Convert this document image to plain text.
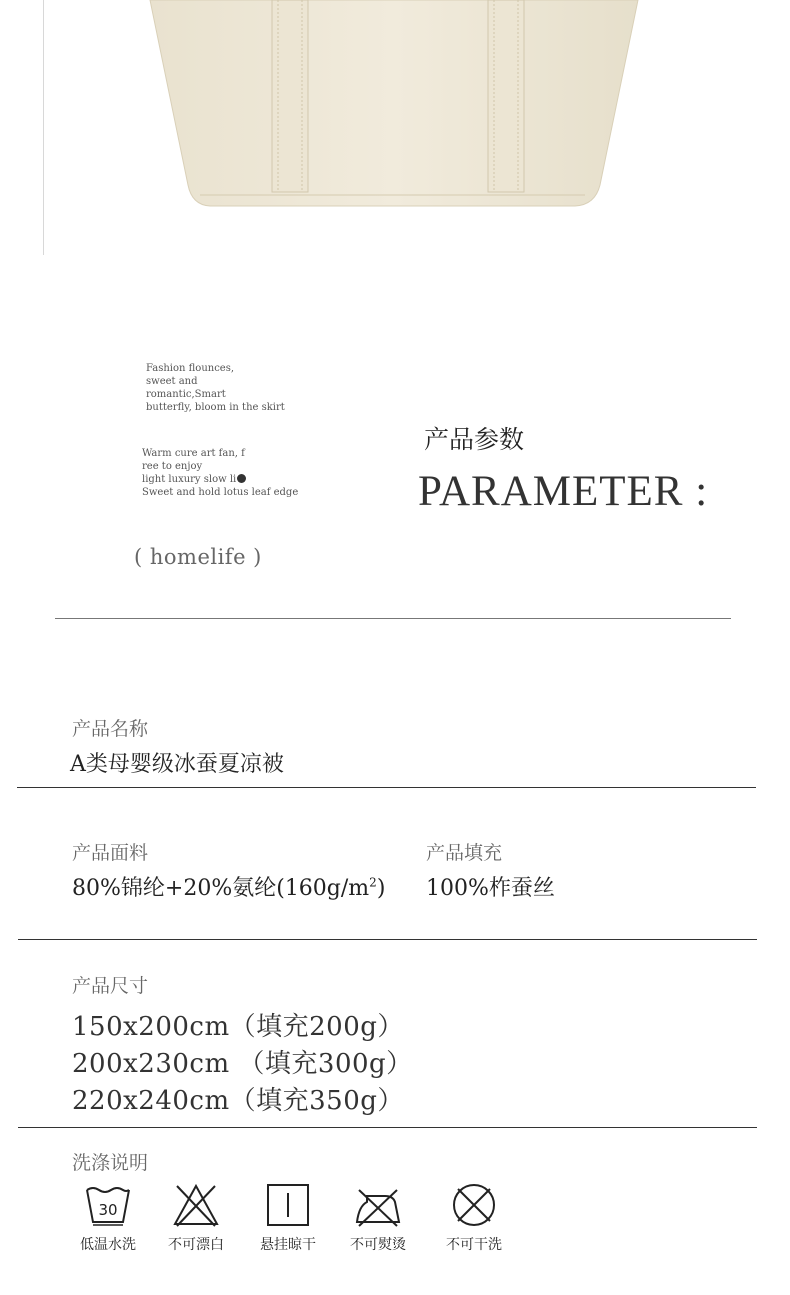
Fashion flounces,
sweet and
romantic,Smart
butterfly, bloom in the skirt
Warm cure art fan, f
ree to enjoy
light luxury slow li
Sweet and hold lotus leaf edge
( homelife )
产品参数
PARAMETER :
产品名称
A类母婴级冰蚕夏凉被
产品面料
80%锦纶+20%氨纶$(160g/m^2)$
产品填充
100%柞蚕丝
产品尺寸
150x200cm（填充200g）
200x230cm （填充300g）
220x240cm（填充350g）
洗涤说明
30
低温水洗	不可漂白	悬挂晾干	不可熨烫	不可干洗
